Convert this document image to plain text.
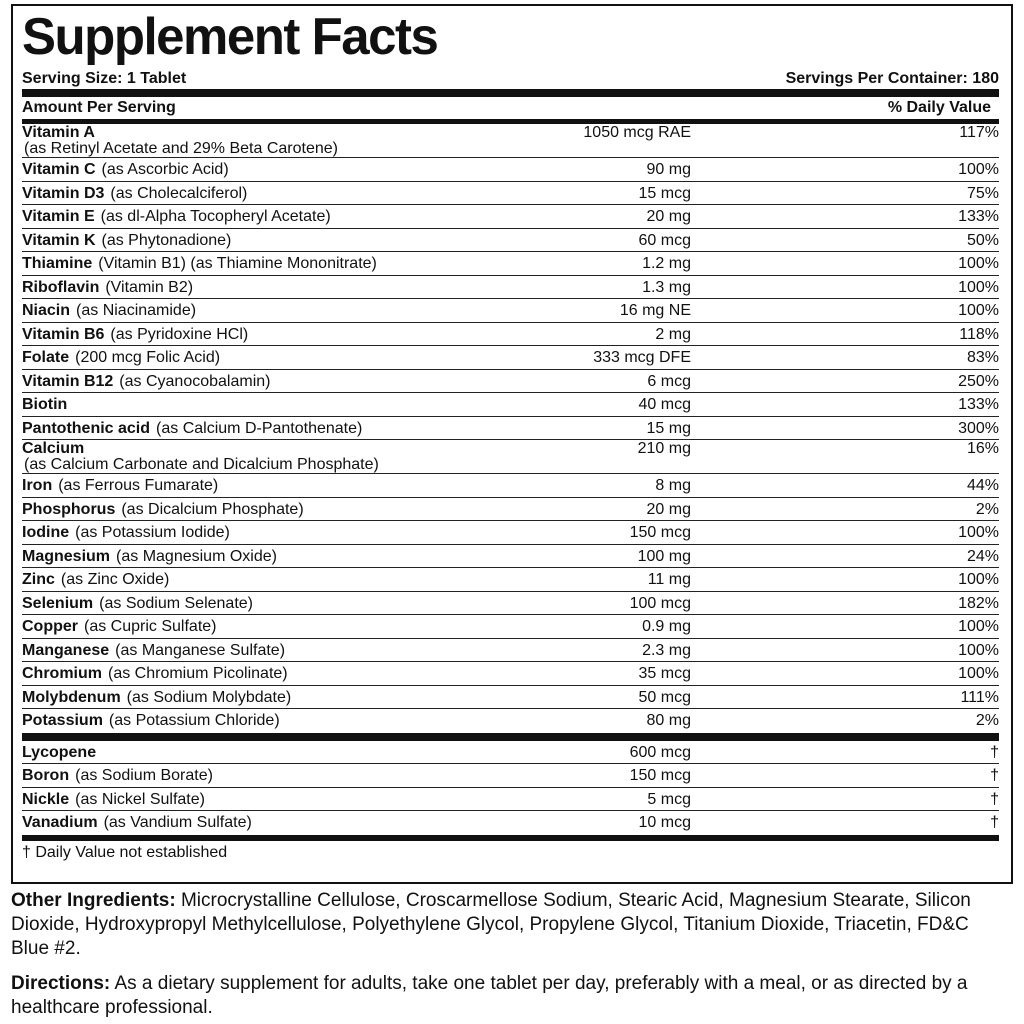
Supplement Facts
Serving Size: 1 Tablet	Servings Per Container: 180
Amount Per Serving	% Daily Value
Vitamin A
(as Retinyl Acetate and 29% Beta Carotene)
1050 mcg RAE	117%
Vitamin C (as Ascorbic Acid)	90 mg	100%
Vitamin D3 (as Cholecalciferol)	15 mcg	75%
Vitamin E (as dl-Alpha Tocopheryl Acetate)	20 mg	133%
Vitamin K (as Phytonadione)	60 mcg	50%
Thiamine (Vitamin B1) (as Thiamine Mononitrate)	1.2 mg	100%
Riboflavin (Vitamin B2)	1.3 mg	100%
Niacin (as Niacinamide)	16 mg NE	100%
Vitamin B6 (as Pyridoxine HCl)	2 mg	118%
Folate (200 mcg Folic Acid)	333 mcg DFE	83%
Vitamin B12 (as Cyanocobalamin)	6 mcg	250%
Biotin	40 mcg	133%
Pantothenic acid (as Calcium D-Pantothenate)	15 mg	300%
Calcium
(as Calcium Carbonate and Dicalcium Phosphate)
210 mg	16%
Iron (as Ferrous Fumarate)	8 mg	44%
Phosphorus (as Dicalcium Phosphate)	20 mg	2%
Iodine (as Potassium Iodide)	150 mcg	100%
Magnesium (as Magnesium Oxide)	100 mg	24%
Zinc (as Zinc Oxide)	11 mg	100%
Selenium (as Sodium Selenate)	100 mcg	182%
Copper (as Cupric Sulfate)	0.9 mg	100%
Manganese (as Manganese Sulfate)	2.3 mg	100%
Chromium (as Chromium Picolinate)	35 mcg	100%
Molybdenum (as Sodium Molybdate)	50 mcg	111%
Potassium (as Potassium Chloride)	80 mg	2%
Lycopene	600 mcg	†
Boron (as Sodium Borate)	150 mcg	†
Nickle (as Nickel Sulfate)	5 mcg	†
Vanadium (as Vandium Sulfate)	10 mcg	†
† Daily Value not established
Other Ingredients: Microcrystalline Cellulose, Croscarmellose Sodium, Stearic Acid, Magnesium Stearate, Silicon Dioxide, Hydroxypropyl Methylcellulose, Polyethylene Glycol, Propylene Glycol, Titanium Dioxide, Triacetin, FD&C Blue #2.
Directions: As a dietary supplement for adults, take one tablet per day, preferably with a meal, or as directed by a healthcare professional.
